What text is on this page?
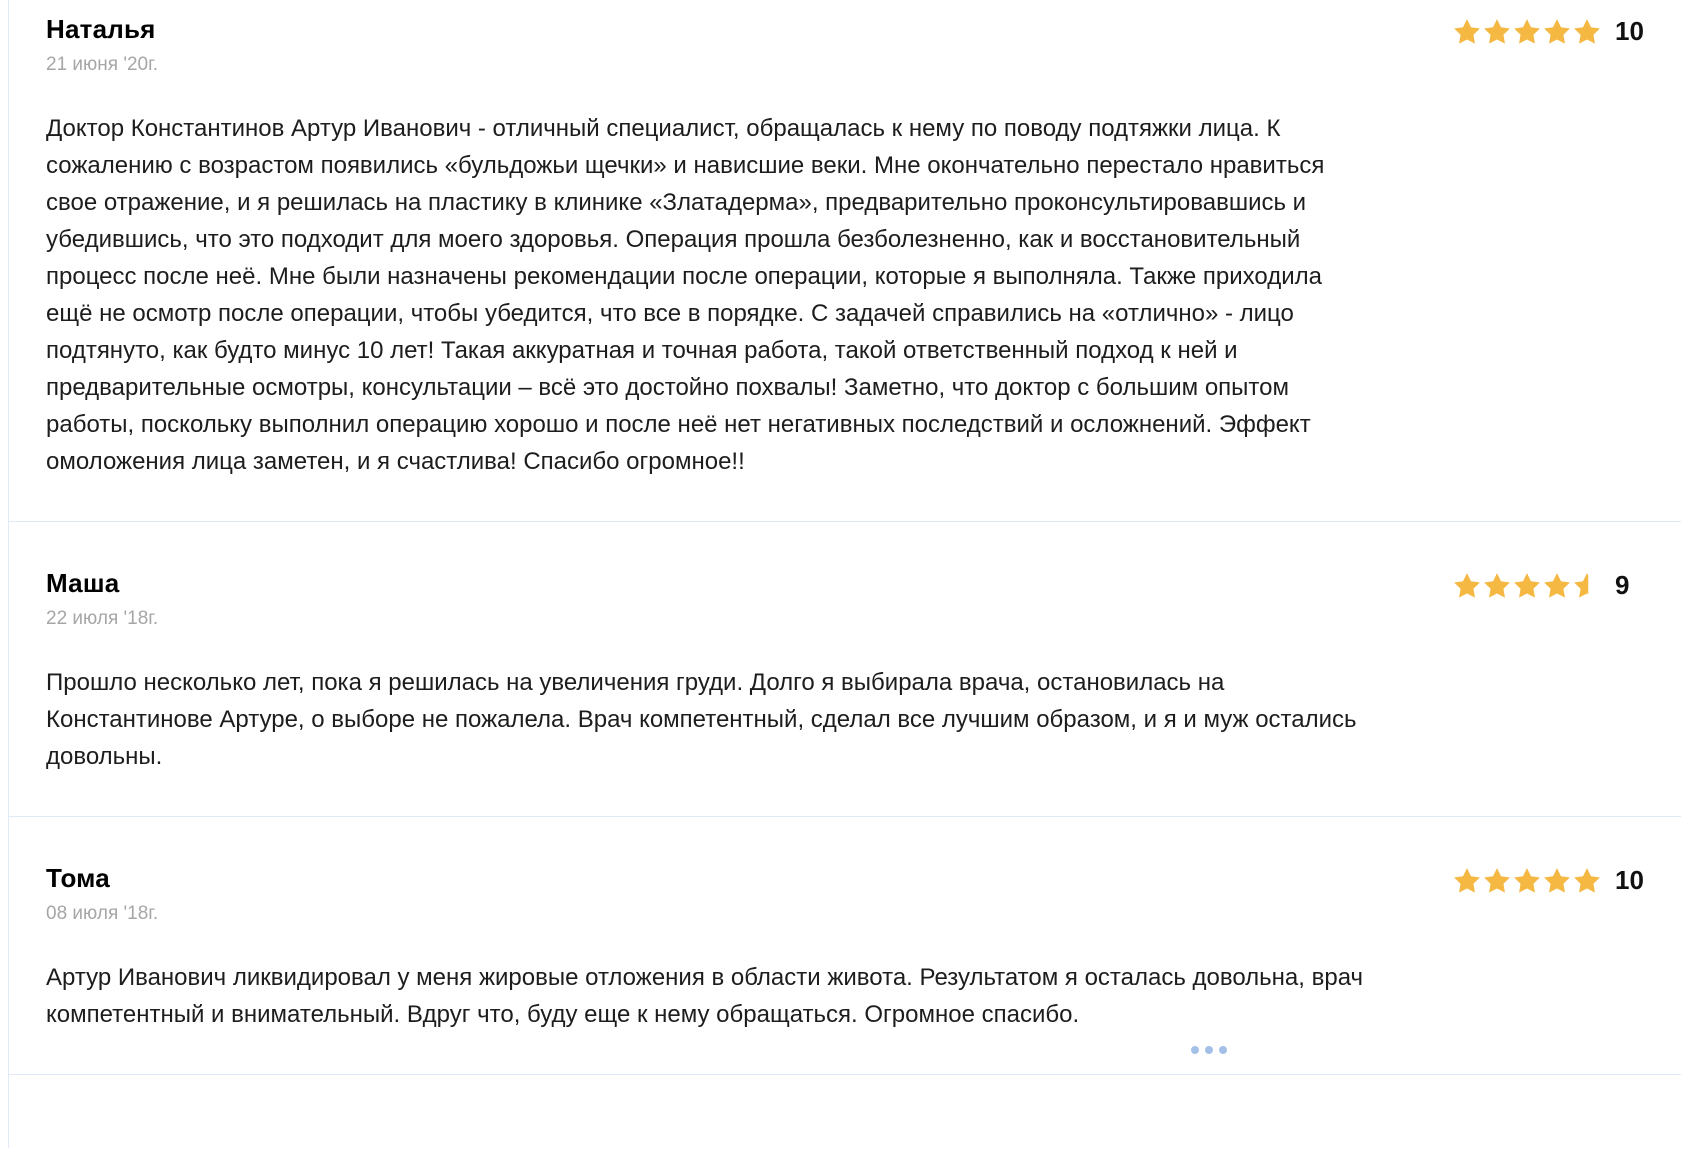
Наталья
21 июня '20г.
10

Доктор Константинов Артур Иванович - отличный специалист, обращалась к нему по поводу подтяжки лица. К сожалению с возрастом появились «бульдожьи щечки» и нависшие веки. Мне окончательно перестало нравиться свое отражение, и я решилась на пластику в клинике «Златадерма», предварительно проконсультировавшись и убедившись, что это подходит для моего здоровья. Операция прошла безболезненно, как и восстановительный процесс после неё. Мне были назначены рекомендации после операции, которые я выполняла. Также приходила ещё не осмотр после операции, чтобы убедится, что все в порядке. С задачей справились на «отлично» - лицо подтянуто, как будто минус 10 лет! Такая аккуратная и точная работа, такой ответственный подход к ней и предварительные осмотры, консультации – всё это достойно похвалы! Заметно, что доктор с большим опытом работы, поскольку выполнил операцию хорошо и после неё нет негативных последствий и осложнений. Эффект омоложения лица заметен, и я счастлива! Спасибо огромное!!

Маша
22 июля '18г.
9

Прошло несколько лет, пока я решилась на увеличения груди. Долго я выбирала врача, остановилась на Константинове Артуре, о выборе не пожалела. Врач компетентный, сделал все лучшим образом, и я и муж остались довольны.

Тома
08 июля '18г.
10

Артур Иванович ликвидировал у меня жировые отложения в области живота. Результатом я осталась довольна, врач компетентный и внимательный. Вдруг что, буду еще к нему обращаться. Огромное спасибо.
